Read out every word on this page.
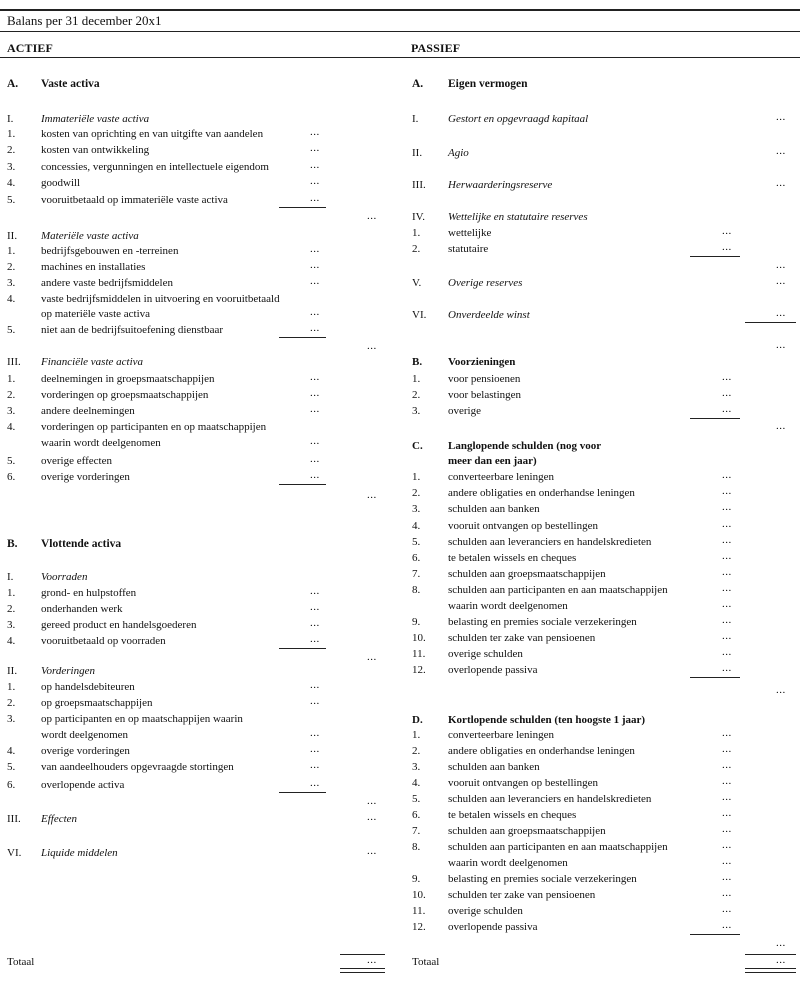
Balans per 31 december 20x1
ACTIEF	PASSIEF
A. Vaste activa
I.	Immateriële vaste activa
1. kosten van oprichting en van uitgifte van aandelen	...
2. kosten van ontwikkeling	...
3. concessies, vergunningen en intellectuele eigendom	...
4. goodwill	...
5. vooruitbetaald op immateriële vaste activa	...
...
II. Materiële vaste activa
1. bedrijfsgebouwen en -terreinen	...
2. machines en installaties	...
3. andere vaste bedrijfsmiddelen	...
4. vaste bedrijfsmiddelen in uitvoering en vooruitbetaald
op materiële vaste activa	...
5. niet aan de bedrijfsuitoefening dienstbaar	...
...
III. Financiële vaste activa
1. deelnemingen in groepsmaatschappijen	...
2. vorderingen op groepsmaatschappijen	...
3. andere deelnemingen	...
4. vorderingen op participanten en op maatschappijen
waarin wordt deelgenomen	...
5. overige effecten	...
6. overige vorderingen	...
...
B. Vlottende activa
I.	Voorraden
1. grond- en hulpstoffen	...
2. onderhanden werk	...
3. gereed product en handelsgoederen	...
4. vooruitbetaald op voorraden	...
...
II. Vorderingen
1. op handelsdebiteuren	...
2. op groepsmaatschappijen	...
3. op participanten en op maatschappijen waarin
wordt deelgenomen	...
4. overige vorderingen	...
5. van aandeelhouders opgevraagde stortingen	...
6. overlopende activa	...
...
III. Effecten	...
VI. Liquide middelen	...
Totaal	...
A. Eigen vermogen
I.	Gestort en opgevraagd kapitaal	...
II. Agio	...
III. Herwaarderingsreserve	...
IV. Wettelijke en statutaire reserves
1.	wettelijke	...
2.	statutaire	...
...
V. Overige reserves	...
VI. Onverdeelde winst	...
...
B. Voorzieningen
1.	voor pensioenen	...
2.	voor belastingen	...
3.	overige	...
...
C. Langlopende schulden (nog voor
meer dan een jaar)
1.	converteerbare leningen	...
2.	andere obligaties en onderhandse leningen	...
3.	schulden aan banken	...
4.	vooruit ontvangen op bestellingen	...
5.	schulden aan leveranciers en handelskredieten	...
6.	te betalen wissels en cheques	...
7.	schulden aan groepsmaatschappijen	...
8.	schulden aan participanten en aan maatschappijen	...
waarin wordt deelgenomen	...
9.	belasting en premies sociale verzekeringen	...
10. schulden ter zake van pensioenen	...
11. overige schulden	...
12. overlopende passiva	...
...
D. Kortlopende schulden (ten hoogste 1 jaar)
1.	converteerbare leningen	...
2.	andere obligaties en onderhandse leningen	...
3.	schulden aan banken	...
4.	vooruit ontvangen op bestellingen	...
5.	schulden aan leveranciers en handelskredieten	...
6.	te betalen wissels en cheques	...
7.	schulden aan groepsmaatschappijen	...
8.	schulden aan participanten en aan maatschappijen	...
waarin wordt deelgenomen	...
9.	belasting en premies sociale verzekeringen	...
10. schulden ter zake van pensioenen	...
11. overige schulden	...
12. overlopende passiva	...
...
Totaal	...
